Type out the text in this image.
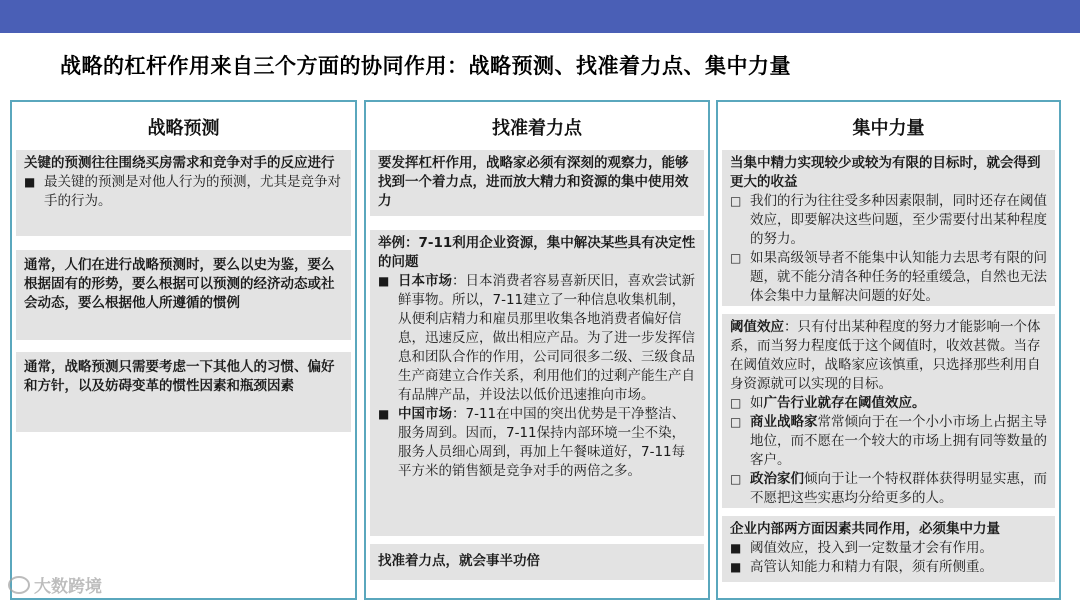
战略的杠杆作用来自三个方面的协同作用：战略预测、找准着力点、集中力量
战略预测
关键的预测往往围绕买房需求和竞争对手的反应进行
■ 最关键的预测是对他人行为的预测，尤其是竞争对手的行为。
通常，人们在进行战略预测时，要么以史为鉴，要么根据固有的形势，要么根据可以预测的经济动态或社会动态，要么根据他人所遵循的惯例
通常，战略预测只需要考虑一下其他人的习惯、偏好和方针，以及妨碍变革的惯性因素和瓶颈因素
找准着力点
要发挥杠杆作用，战略家必须有深刻的观察力，能够找到一个着力点，进而放大精力和资源的集中使用效力
举例：7-11利用企业资源，集中解决某些具有决定性的问题
■ 日本市场：日本消费者容易喜新厌旧，喜欢尝试新鲜事物。所以，7-11建立了一种信息收集机制，从便利店精力和雇员那里收集各地消费者偏好信息，迅速反应，做出相应产品。为了进一步发挥信息和团队合作的作用，公司同很多二级、三级食品生产商建立合作关系，利用他们的过剩产能生产自有品牌产品，并设法以低价迅速推向市场。
■ 中国市场：7-11在中国的突出优势是干净整洁、服务周到。因而，7-11保持内部环境一尘不染，服务人员细心周到，再加上午餐味道好，7-11每平方米的销售额是竞争对手的两倍之多。
找准着力点，就会事半功倍
集中力量
当集中精力实现较少或较为有限的目标时，就会得到更大的收益
□ 我们的行为往往受多种因素限制，同时还存在阈值效应，即要解决这些问题，至少需要付出某种程度的努力。
□ 如果高级领导者不能集中认知能力去思考有限的问题，就不能分清各种任务的轻重缓急，自然也无法体会集中力量解决问题的好处。
阈值效应：只有付出某种程度的努力才能影响一个体系，而当努力程度低于这个阈值时，收效甚微。当存在阈值效应时，战略家应该慎重，只选择那些利用自身资源就可以实现的目标。
□ 如广告行业就存在阈值效应。
□ 商业战略家常常倾向于在一个小小市场上占据主导地位，而不愿在一个较大的市场上拥有同等数量的客户。
□ 政治家们倾向于让一个特权群体获得明显实惠，而不愿把这些实惠均分给更多的人。
企业内部两方面因素共同作用，必须集中力量
■ 阈值效应，投入到一定数量才会有作用。
■ 高管认知能力和精力有限，须有所侧重。
大数跨境
